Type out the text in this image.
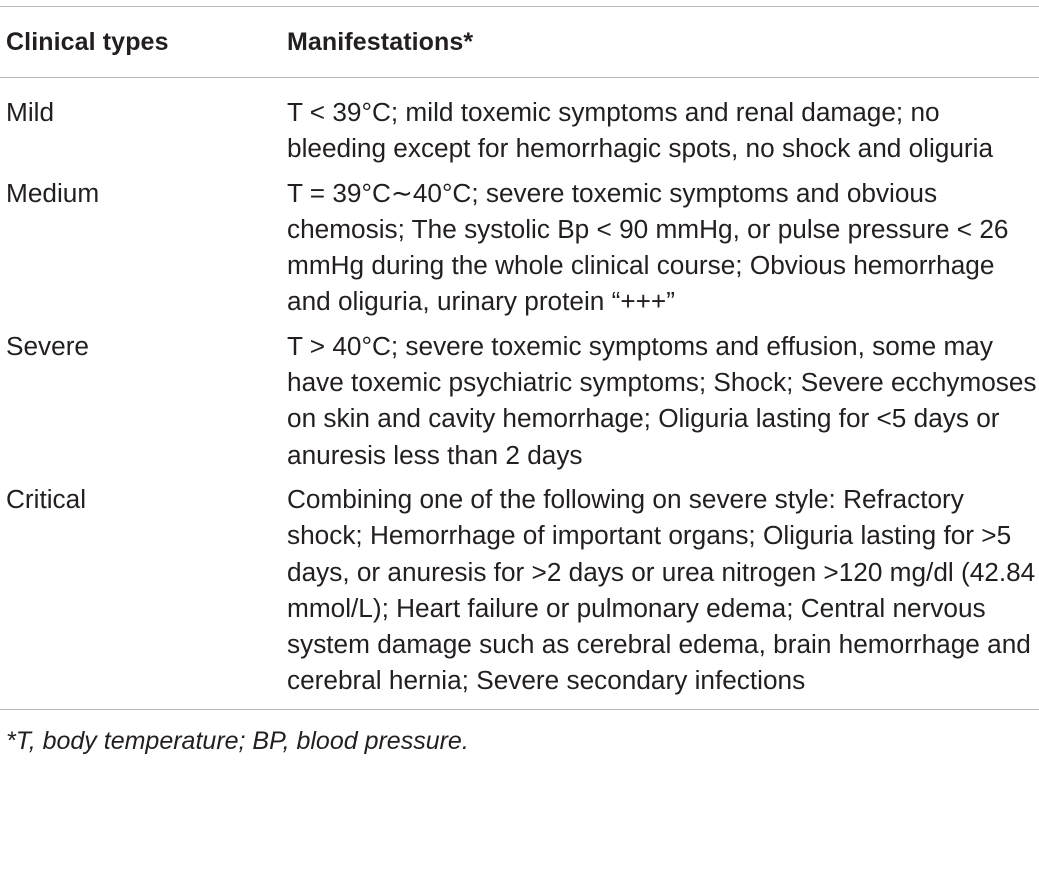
Clinical types	Manifestations*
Mild	T < 39°C; mild toxemic symptoms and renal damage; no bleeding except for hemorrhagic spots, no shock and oliguria
Medium	T = 39°C∼40°C; severe toxemic symptoms and obvious chemosis; The systolic Bp < 90 mmHg, or pulse pressure < 26 mmHg during the whole clinical course; Obvious hemorrhage and oliguria, urinary protein “+++”
Severe	T > 40°C; severe toxemic symptoms and effusion, some may have toxemic psychiatric symptoms; Shock; Severe ecchymoses on skin and cavity hemorrhage; Oliguria lasting for <5 days or anuresis less than 2 days
Critical	Combining one of the following on severe style: Refractory shock; Hemorrhage of important organs; Oliguria lasting for >5 days, or anuresis for >2 days or urea nitrogen >120 mg/dl (42.84 mmol/L); Heart failure or pulmonary edema; Central nervous system damage such as cerebral edema, brain hemorrhage and cerebral hernia; Severe secondary infections
*T, body temperature; BP, blood pressure.
